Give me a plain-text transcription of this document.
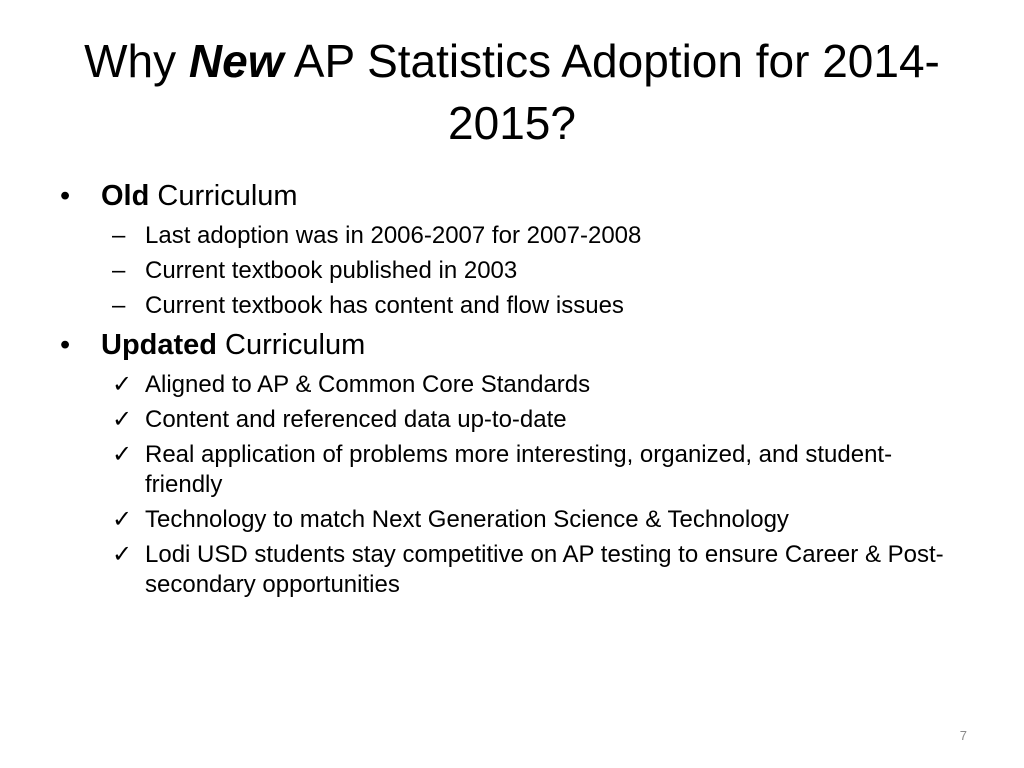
Why New AP Statistics Adoption for 2014-2015?
•	Old Curriculum
– Last adoption was in 2006-2007 for 2007-2008
– Current textbook published in 2003
– Current textbook has content and flow issues
•	Updated Curriculum
✓ Aligned to AP & Common Core Standards
✓ Content and referenced data up-to-date
✓ Real application of problems more interesting, organized, and student-friendly
✓ Technology to match Next Generation Science & Technology
✓ Lodi USD students stay competitive on AP testing to ensure Career & Post-secondary opportunities
7
